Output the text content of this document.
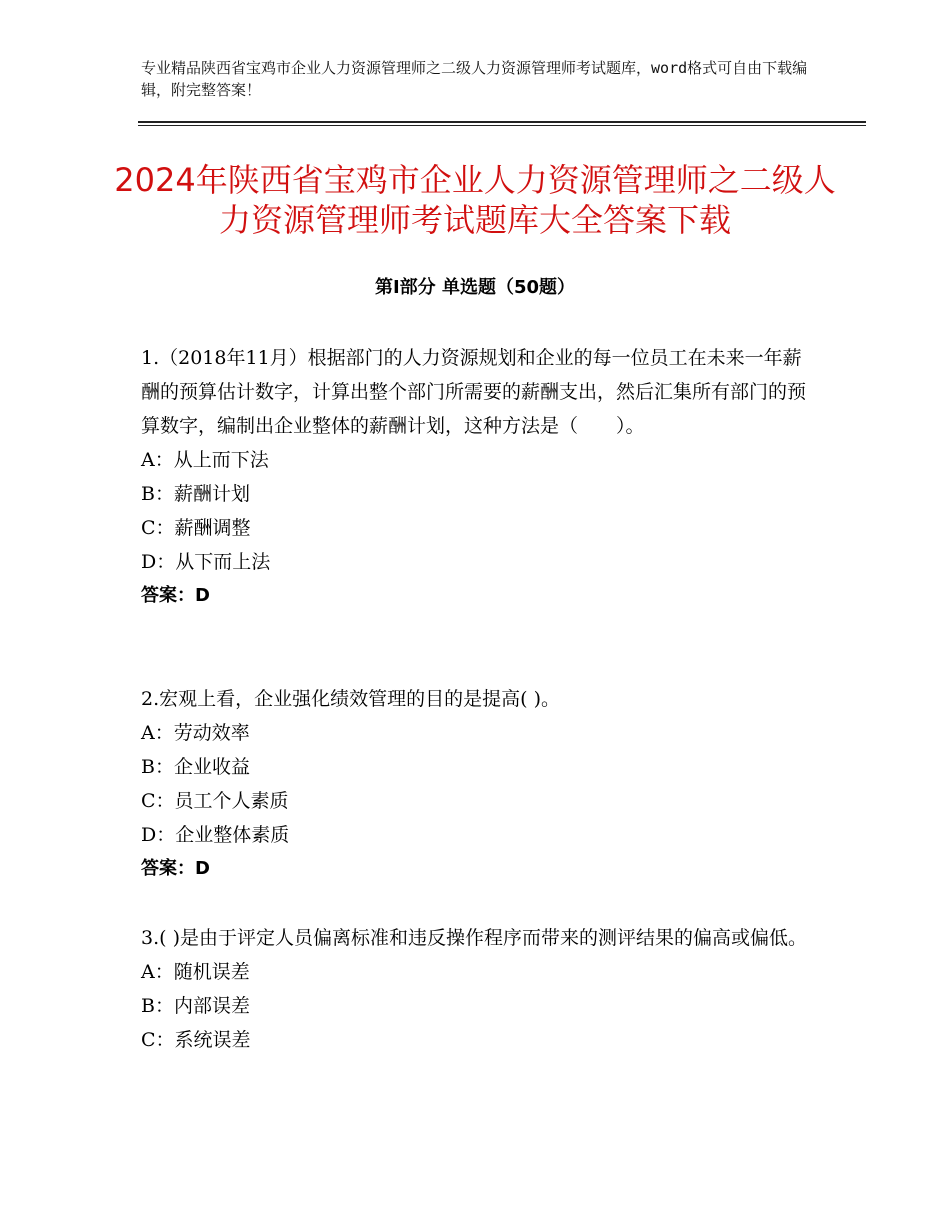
专业精品陕西省宝鸡市企业人力资源管理师之二级人力资源管理师考试题库，word格式可自由下载编辑，附完整答案！
2024年陕西省宝鸡市企业人力资源管理师之二级人力资源管理师考试题库大全答案下载
第Ⅰ部分 单选题（50题）

1.（2018年11月）根据部门的人力资源规划和企业的每一位员工在未来一年薪酬的预算估计数字，计算出整个部门所需要的薪酬支出，然后汇集所有部门的预算数字，编制出企业整体的薪酬计划，这种方法是（　　）。

A：从上而下法
B：薪酬计划
C：薪酬调整
D：从下而上法
答案：D

2.宏观上看，企业强化绩效管理的目的是提高( )。

A：劳动效率
B：企业收益
C：员工个人素质
D：企业整体素质
答案：D

3.( )是由于评定人员偏离标准和违反操作程序而带来的测评结果的偏高或偏低。

A：随机误差
B：内部误差
C：系统误差
